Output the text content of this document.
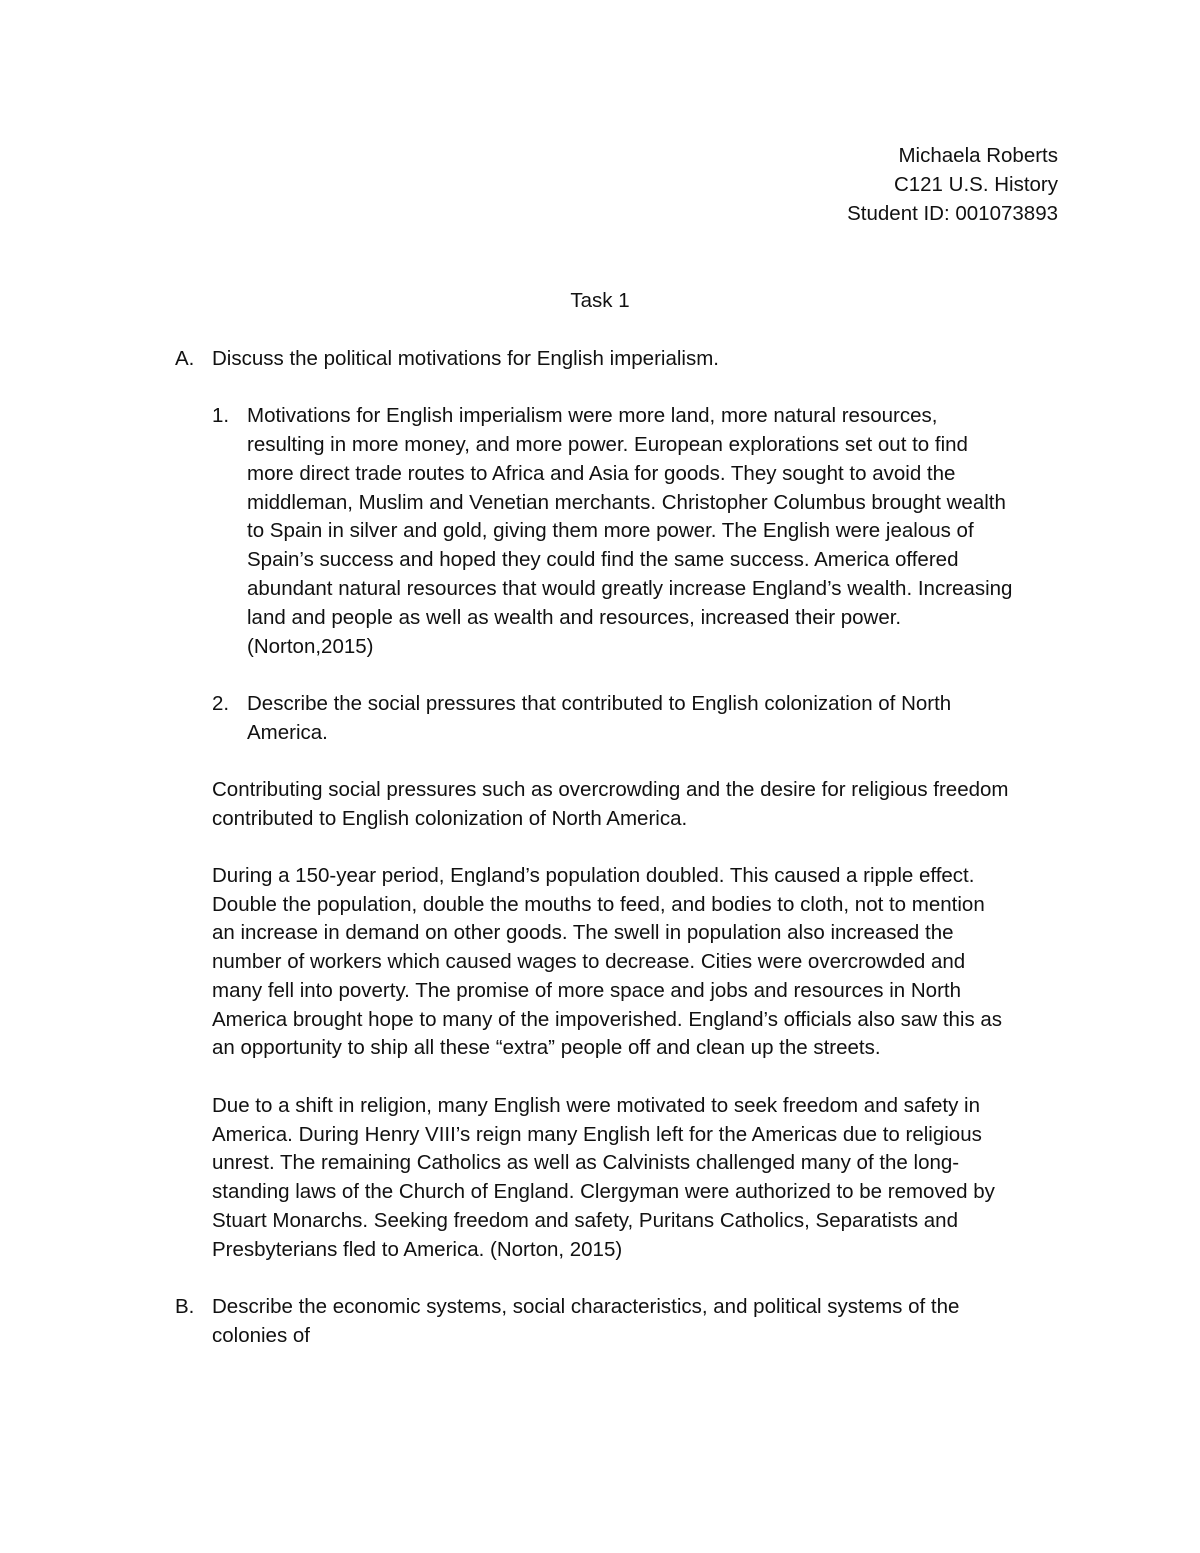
Michaela Roberts
C121 U.S. History
Student ID: 001073893
Task 1
A. Discuss the political motivations for English imperialism.
1. Motivations for English imperialism were more land, more natural resources,
resulting in more money, and more power. European explorations set out to find
more direct trade routes to Africa and Asia for goods. They sought to avoid the
middleman, Muslim and Venetian merchants. Christopher Columbus brought wealth
to Spain in silver and gold, giving them more power. The English were jealous of
Spain’s success and hoped they could find the same success. America offered
abundant natural resources that would greatly increase England’s wealth. Increasing
land and people as well as wealth and resources, increased their power.
(Norton,2015)
2. Describe the social pressures that contributed to English colonization of North
America.
Contributing social pressures such as overcrowding and the desire for religious freedom
contributed to English colonization of North America.
During a 150-year period, England’s population doubled. This caused a ripple effect.
Double the population, double the mouths to feed, and bodies to cloth, not to mention
an increase in demand on other goods. The swell in population also increased the
number of workers which caused wages to decrease. Cities were overcrowded and
many fell into poverty. The promise of more space and jobs and resources in North
America brought hope to many of the impoverished. England’s officials also saw this as
an opportunity to ship all these “extra” people off and clean up the streets.
Due to a shift in religion, many English were motivated to seek freedom and safety in
America. During Henry VIII’s reign many English left for the Americas due to religious
unrest. The remaining Catholics as well as Calvinists challenged many of the long-
standing laws of the Church of England. Clergyman were authorized to be removed by
Stuart Monarchs. Seeking freedom and safety, Puritans Catholics, Separatists and
Presbyterians fled to America. (Norton, 2015)
B. Describe the economic systems, social characteristics, and political systems of the
colonies of
